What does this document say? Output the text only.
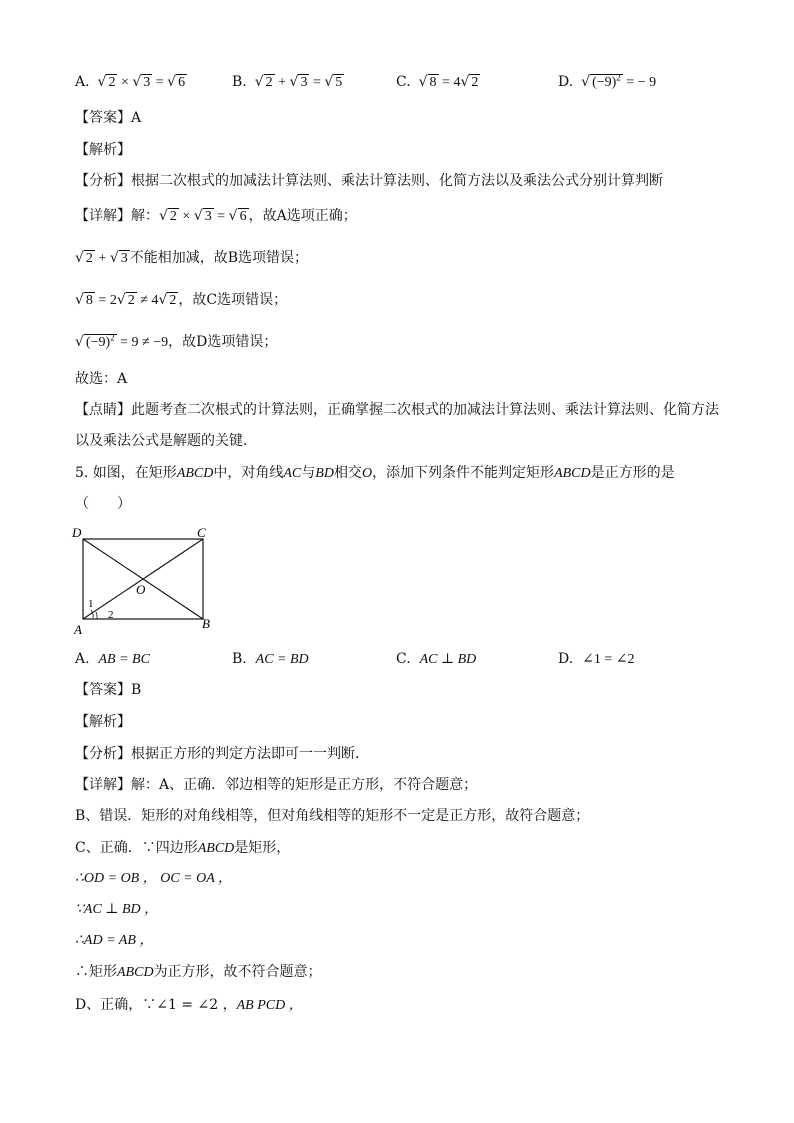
A. √ 2 × √ 3 = √ 6	B. √ 2 + √ 3 = √ 5	C. √ 8 = 4√ 2	D. √ $(-9)^2$ = − 9
【答案】A
【解析】
【分析】根据二次根式的加减法计算法则、乘法计算法则、化简方法以及乘法公式分别计算判断
【详解】解：√ 2 × √ 3 = √ 6 ，故A选项正确；
√ 2 + √ 3 不能相加减，故B选项错误；
√ 8 = 2√ 2 ≠ 4√ 2 ，故C选项错误；
√ $(-9)^2 = 9 \ne -9$，故D选项错误；
故选：A
【点睛】此题考查二次根式的计算法则，正确掌握二次根式的加减法计算法则、乘法计算法则、化简方法
以及乘法公式是解题的关键．
5. 如图，在矩形ABCD中，对角线AC与BD相交O，添加下列条件不能判定矩形ABCD是正方形的是
（　　）
D	C
O
A	B
1
2
A. AB = BC	B. AC = BD	C. AC ⊥ BD	D. ∠1 = ∠2
【答案】B
【解析】
【分析】根据正方形的判定方法即可一一判断．
【详解】解：A、正确．邻边相等的矩形是正方形，不符合题意；
B、错误．矩形的对角线相等，但对角线相等的矩形不一定是正方形，故符合题意；
C、正确．∵四边形ABCD是矩形，
∴OD = OB ， OC = OA ，
∵AC ⊥ BD ，
∴AD = AB ，
∴矩形ABCD为正方形，故不符合题意；
D、正确，∵∠1 = ∠2 ，AB PCD ，
